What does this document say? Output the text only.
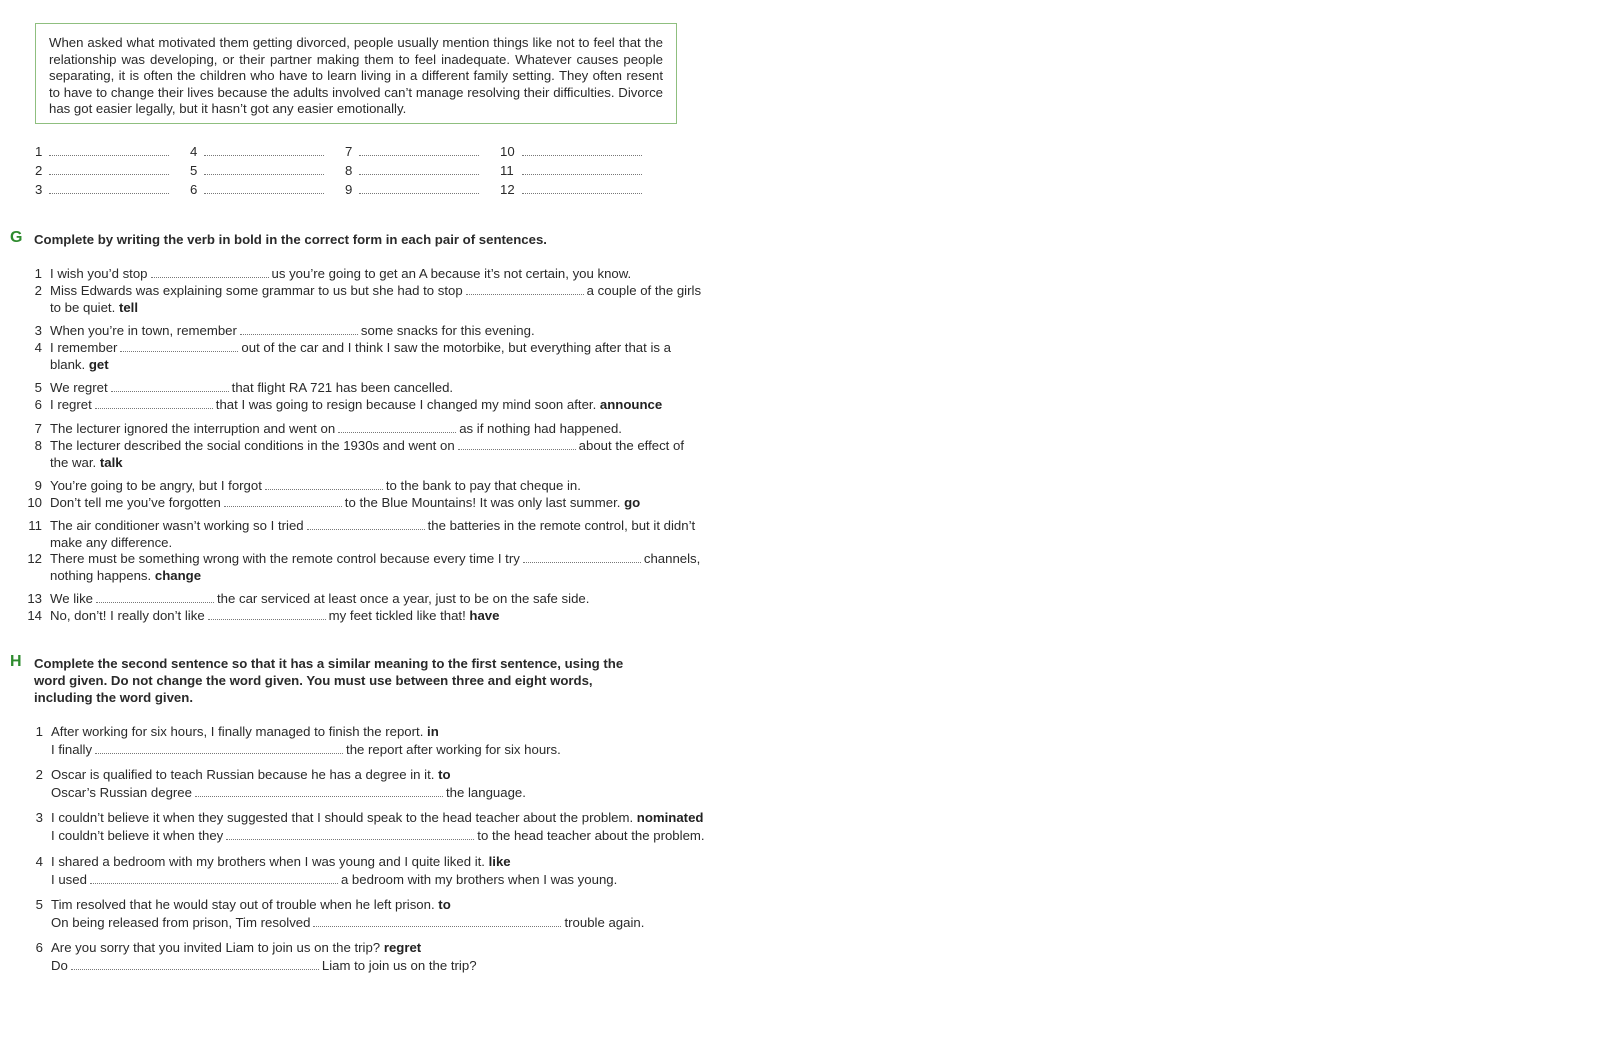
When asked what motivated them getting divorced, people usually mention things like not to feel that the relationship was developing, or their partner making them to feel inadequate. Whatever causes people separating, it is often the children who have to learn living in a different family setting. They often resent to have to change their lives because the adults involved can’t manage resolving their difficulties. Divorce has got easier legally, but it hasn’t got any easier emotionally.
1	4	7	10
2	5	8	11
3	6	9	12
G Complete by writing the verb in bold in the correct form in each pair of sentences.
1 I wish you’d stop	us you’re going to get an A because it’s not certain, you know.
2 Miss Edwards was explaining some grammar to us but she had to stop	a couple of the girls
to be quiet. tell
3 When you’re in town, remember	some snacks for this evening.
4 I remember	out of the car and I think I saw the motorbike, but everything after that is a
blank. get
5 We regret	that flight RA 721 has been cancelled.
6 I regret	that I was going to resign because I changed my mind soon after. announce
7 The lecturer ignored the interruption and went on	as if nothing had happened.
8 The lecturer described the social conditions in the 1930s and went on	about the effect of
the war. talk
9 You’re going to be angry, but I forgot	to the bank to pay that cheque in.
10 Don’t tell me you’ve forgotten	to the Blue Mountains! It was only last summer. go
11 The air conditioner wasn’t working so I tried	the batteries in the remote control, but it didn’t
make any difference.
12 There must be something wrong with the remote control because every time I try	channels,
nothing happens. change
13 We like	the car serviced at least once a year, just to be on the safe side.
14 No, don’t! I really don’t like	my feet tickled like that! have
H Complete the second sentence so that it has a similar meaning to the first sentence, using the
word given. Do not change the word given. You must use between three and eight words,
including the word given.
1 After working for six hours, I finally managed to finish the report. in
I finally	the report after working for six hours.
2 Oscar is qualified to teach Russian because he has a degree in it. to
Oscar’s Russian degree	the language.
3 I couldn’t believe it when they suggested that I should speak to the head teacher about the problem. nominated
I couldn’t believe it when they	to the head teacher about the problem.
4 I shared a bedroom with my brothers when I was young and I quite liked it. like
I used	a bedroom with my brothers when I was young.
5 Tim resolved that he would stay out of trouble when he left prison. to
On being released from prison, Tim resolved	trouble again.
6 Are you sorry that you invited Liam to join us on the trip? regret
Do	Liam to join us on the trip?
